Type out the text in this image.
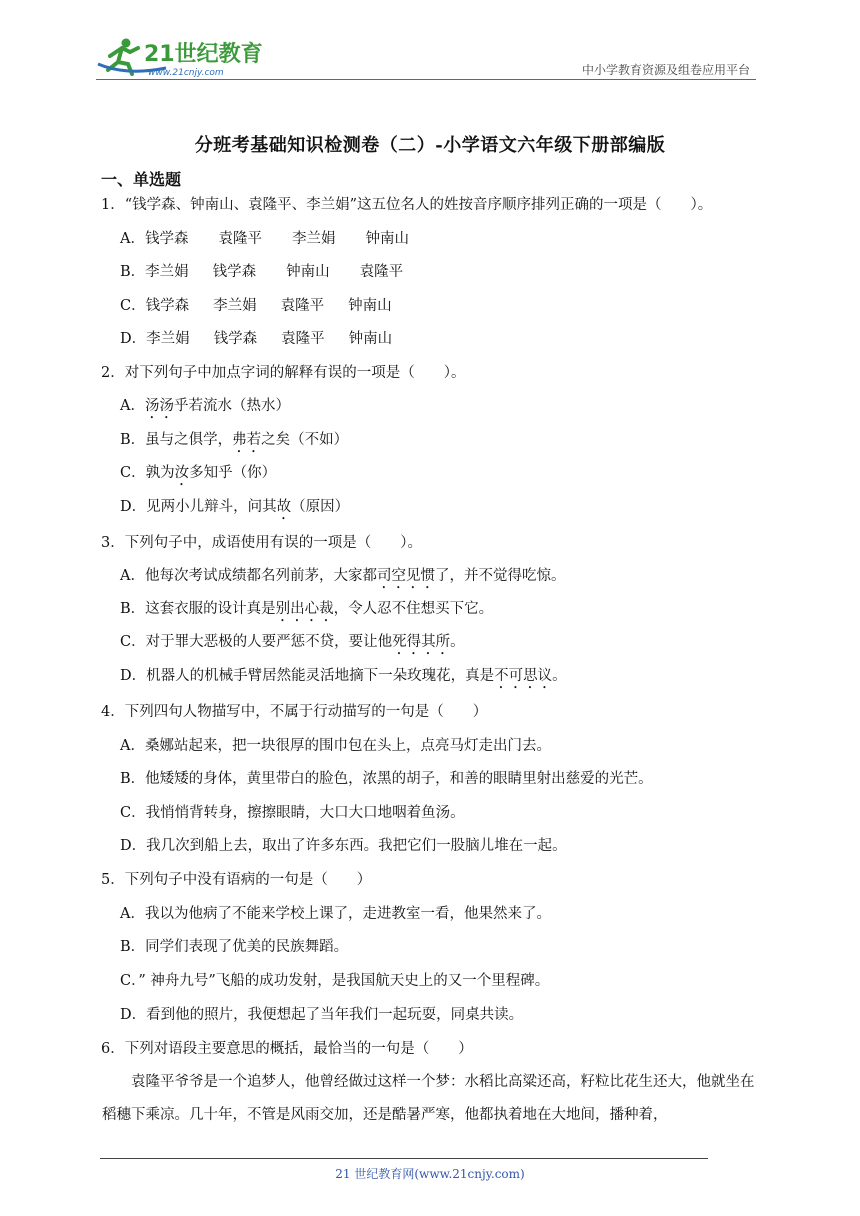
21世纪教育
www.21cnjy.com	中小学教育资源及组卷应用平台
分班考基础知识检测卷（二）-小学语文六年级下册部编版
一、单选题
1．“钱学森、钟南山、袁隆平、李兰娟”这五位名人的姓按音序顺序排列正确的一项是（　　）。
A．钱学森 袁隆平 李兰娟 钟南山
B．李兰娟 钱学森 钟南山 袁隆平
C．钱学森 李兰娟 袁隆平 钟南山
D．李兰娟 钱学森 袁隆平 钟南山
2．对下列句子中加点字词的解释有误的一项是（　　）。
A．汤汤乎若流水（热水）
B．虽与之俱学，弗若之矣（不如）
C．孰为汝多知乎（你）
D．见两小儿辩斗，问其故（原因）
3．下列句子中，成语使用有误的一项是（　　）。
A．他每次考试成绩都名列前茅，大家都司空见惯了，并不觉得吃惊。
B．这套衣服的设计真是别出心裁，令人忍不住想买下它。
C．对于罪大恶极的人要严惩不贷，要让他死得其所。
D．机器人的机械手臂居然能灵活地摘下一朵玫瑰花，真是不可思议。
4．下列四句人物描写中，不属于行动描写的一句是（　　）
A．桑娜站起来，把一块很厚的围巾包在头上，点亮马灯走出门去。
B．他矮矮的身体，黄里带白的脸色，浓黑的胡子，和善的眼睛里射出慈爱的光芒。
C．我悄悄背转身，擦擦眼睛，大口大口地咽着鱼汤。
D．我几次到船上去，取出了许多东西。我把它们一股脑儿堆在一起。
5．下列句子中没有语病的一句是（　　）
A．我以为他病了不能来学校上课了，走进教室一看，他果然来了。
B．同学们表现了优美的民族舞蹈。
C．” 神舟九号”飞船的成功发射，是我国航天史上的又一个里程碑。
D．看到他的照片，我便想起了当年我们一起玩耍，同桌共读。
6．下列对语段主要意思的概括，最恰当的一句是（　　）
袁隆平爷爷是一个追梦人，他曾经做过这样一个梦：水稻比高粱还高，籽粒比花生还大，他就坐在稻穗下乘凉。几十年，不管是风雨交加，还是酷暑严寒，他都执着地在大地间，播种着，
21 世纪教育网(www.21cnjy.com)
